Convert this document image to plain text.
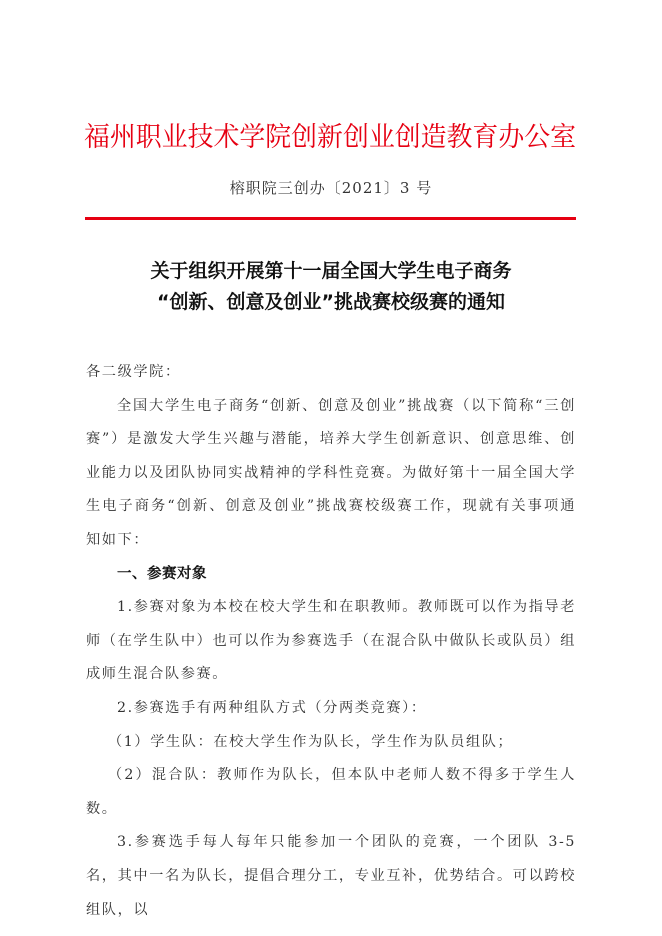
福州职业技术学院创新创业创造教育办公室
榕职院三创办〔2021〕3 号
关于组织开展第十一届全国大学生电子商务
“创新、创意及创业”挑战赛校级赛的通知

各二级学院：

全国大学生电子商务“创新、创意及创业”挑战赛（以下简称“三创赛”）是激发大学生兴趣与潜能，培养大学生创新意识、创意思维、创业能力以及团队协同实战精神的学科性竞赛。为做好第十一届全国大学生电子商务“创新、创意及创业”挑战赛校级赛工作，现就有关事项通知如下：

一、参赛对象

1.参赛对象为本校在校大学生和在职教师。教师既可以作为指导老师（在学生队中）也可以作为参赛选手（在混合队中做队长或队员）组成师生混合队参赛。

2.参赛选手有两种组队方式（分两类竞赛）：

（1）学生队：在校大学生作为队长，学生作为队员组队；

（2）混合队：教师作为队长，但本队中老师人数不得多于学生人数。

3.参赛选手每人每年只能参加一个团队的竞赛，一个团队 3-5 名，其中一名为队长，提倡合理分工，专业互补，优势结合。可以跨校组队，以
